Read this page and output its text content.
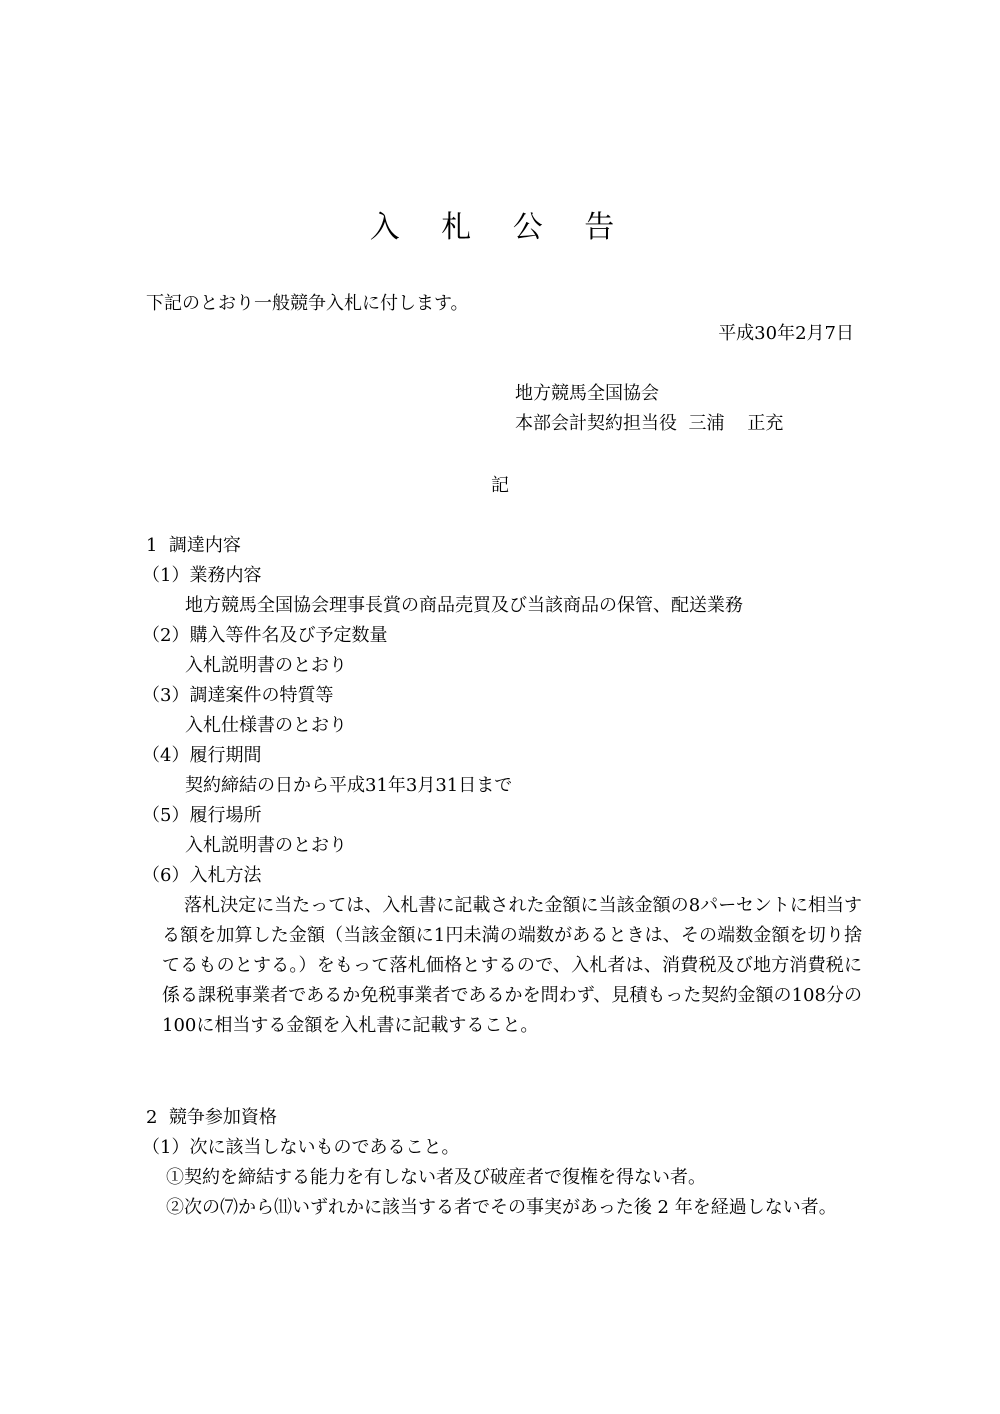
入 札 公 告
下記のとおり一般競争入札に付します。
平成30年2月7日
地方競馬全国協会
本部会計契約担当役  三浦    正充
記
1  調達内容
（1）業務内容
地方競馬全国協会理事長賞の商品売買及び当該商品の保管、配送業務
（2）購入等件名及び予定数量
入札説明書のとおり
（3）調達案件の特質等
入札仕様書のとおり
（4）履行期間
契約締結の日から平成31年3月31日まで
（5）履行場所
入札説明書のとおり
（6）入札方法
落札決定に当たっては、入札書に記載された金額に当該金額の8パーセントに相当する額を加算した金額（当該金額に1円未満の端数があるときは、その端数金額を切り捨てるものとする。）をもって落札価格とするので、入札者は、消費税及び地方消費税に係る課税事業者であるか免税事業者であるかを問わず、見積もった契約金額の108分の100に相当する金額を入札書に記載すること。
2  競争参加資格
（1）次に該当しないものであること。
①契約を締結する能力を有しない者及び破産者で復権を得ない者。
②次の⑺から⑾いずれかに該当する者でその事実があった後 2 年を経過しない者。
